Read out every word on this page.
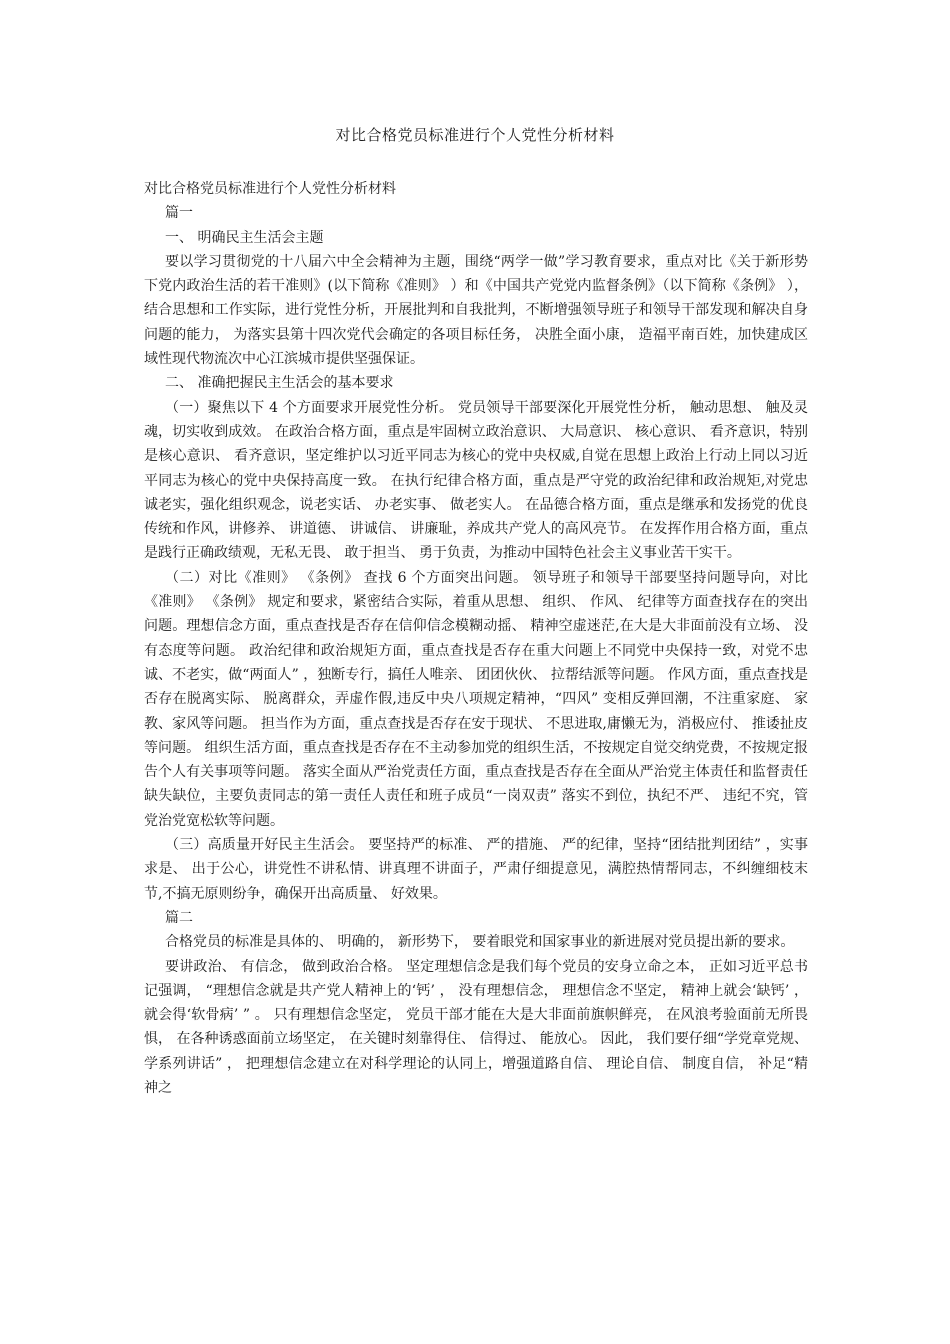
对比合格党员标准进行个人党性分析材料

对比合格党员标准进行个人党性分析材料

篇一

一、 明确民主生活会主题

要以学习贯彻党的十八届六中全会精神为主题，围绕“两学一做”学习教育要求，重点对比《关于新形势下党内政治生活的若干准则》(以下简称《准则》 ）和《中国共产党党内监督条例》（以下简称《条例》 ），结合思想和工作实际，进行党性分析，开展批判和自我批判，不断增强领导班子和领导干部发现和解决自身问题的能力， 为落实县第十四次党代会确定的各项目标任务， 决胜全面小康， 造福平南百姓，加快建成区域性现代物流次中心江滨城市提供坚强保证。

二、 准确把握民主生活会的基本要求

（一）聚焦以下 4 个方面要求开展党性分析。 党员领导干部要深化开展党性分析， 触动思想、 触及灵魂，切实收到成效。 在政治合格方面，重点是牢固树立政治意识、 大局意识、 核心意识、 看齐意识，特别是核心意识、 看齐意识，坚定维护以习近平同志为核心的党中央权威,自觉在思想上政治上行动上同以习近平同志为核心的党中央保持高度一致。 在执行纪律合格方面，重点是严守党的政治纪律和政治规矩,对党忠诚老实，强化组织观念，说老实话、 办老实事、 做老实人。 在品德合格方面，重点是继承和发扬党的优良传统和作风，讲修养、 讲道德、 讲诚信、 讲廉耻，养成共产党人的高风亮节。 在发挥作用合格方面，重点是践行正确政绩观，无私无畏、 敢于担当、 勇于负责，为推动中国特色社会主义事业苦干实干。

（二）对比《准则》 《条例》 查找 6 个方面突出问题。 领导班子和领导干部要坚持问题导向，对比《准则》 《条例》 规定和要求，紧密结合实际，着重从思想、 组织、 作风、 纪律等方面查找存在的突出问题。理想信念方面，重点查找是否存在信仰信念模糊动摇、 精神空虚迷茫,在大是大非面前没有立场、 没有态度等问题。 政治纪律和政治规矩方面，重点查找是否存在重大问题上不同党中央保持一致，对党不忠诚、不老实，做“两面人” ，独断专行，搞任人唯亲、 团团伙伙、 拉帮结派等问题。 作风方面，重点查找是否存在脱离实际、 脱离群众，弄虚作假,违反中央八项规定精神，“四风” 变相反弹回潮，不注重家庭、 家教、家风等问题。 担当作为方面，重点查找是否存在安于现状、 不思进取,庸懒无为，消极应付、 推诿扯皮等问题。 组织生活方面，重点查找是否存在不主动参加党的组织生活，不按规定自觉交纳党费，不按规定报告个人有关事项等问题。 落实全面从严治党责任方面，重点查找是否存在全面从严治党主体责任和监督责任缺失缺位，主要负责同志的第一责任人责任和班子成员“一岗双责” 落实不到位，执纪不严、 违纪不究，管党治党宽松软等问题。

（三）高质量开好民主生活会。 要坚持严的标准、 严的措施、 严的纪律，坚持“团结批判团结” ，实事求是、 出于公心，讲党性不讲私情、讲真理不讲面子，严肃仔细提意见，满腔热情帮同志，不纠缠细枝末节,不搞无原则纷争，确保开出高质量、 好效果。

篇二

合格党员的标准是具体的、 明确的， 新形势下， 要着眼党和国家事业的新进展对党员提出新的要求。

要讲政治、 有信念， 做到政治合格。 坚定理想信念是我们每个党员的安身立命之本， 正如习近平总书记强调， “理想信念就是共产党人精神上的‘钙’ ， 没有理想信念， 理想信念不坚定， 精神上就会‘缺钙’ ， 就会得‘软骨病’ ” 。 只有理想信念坚定， 党员干部才能在大是大非面前旗帜鲜亮， 在风浪考验面前无所畏惧， 在各种诱惑面前立场坚定， 在关键时刻靠得住、 信得过、 能放心。 因此， 我们要仔细“学党章党规、 学系列讲话” ， 把理想信念建立在对科学理论的认同上，增强道路自信、 理论自信、 制度自信， 补足“精神之
